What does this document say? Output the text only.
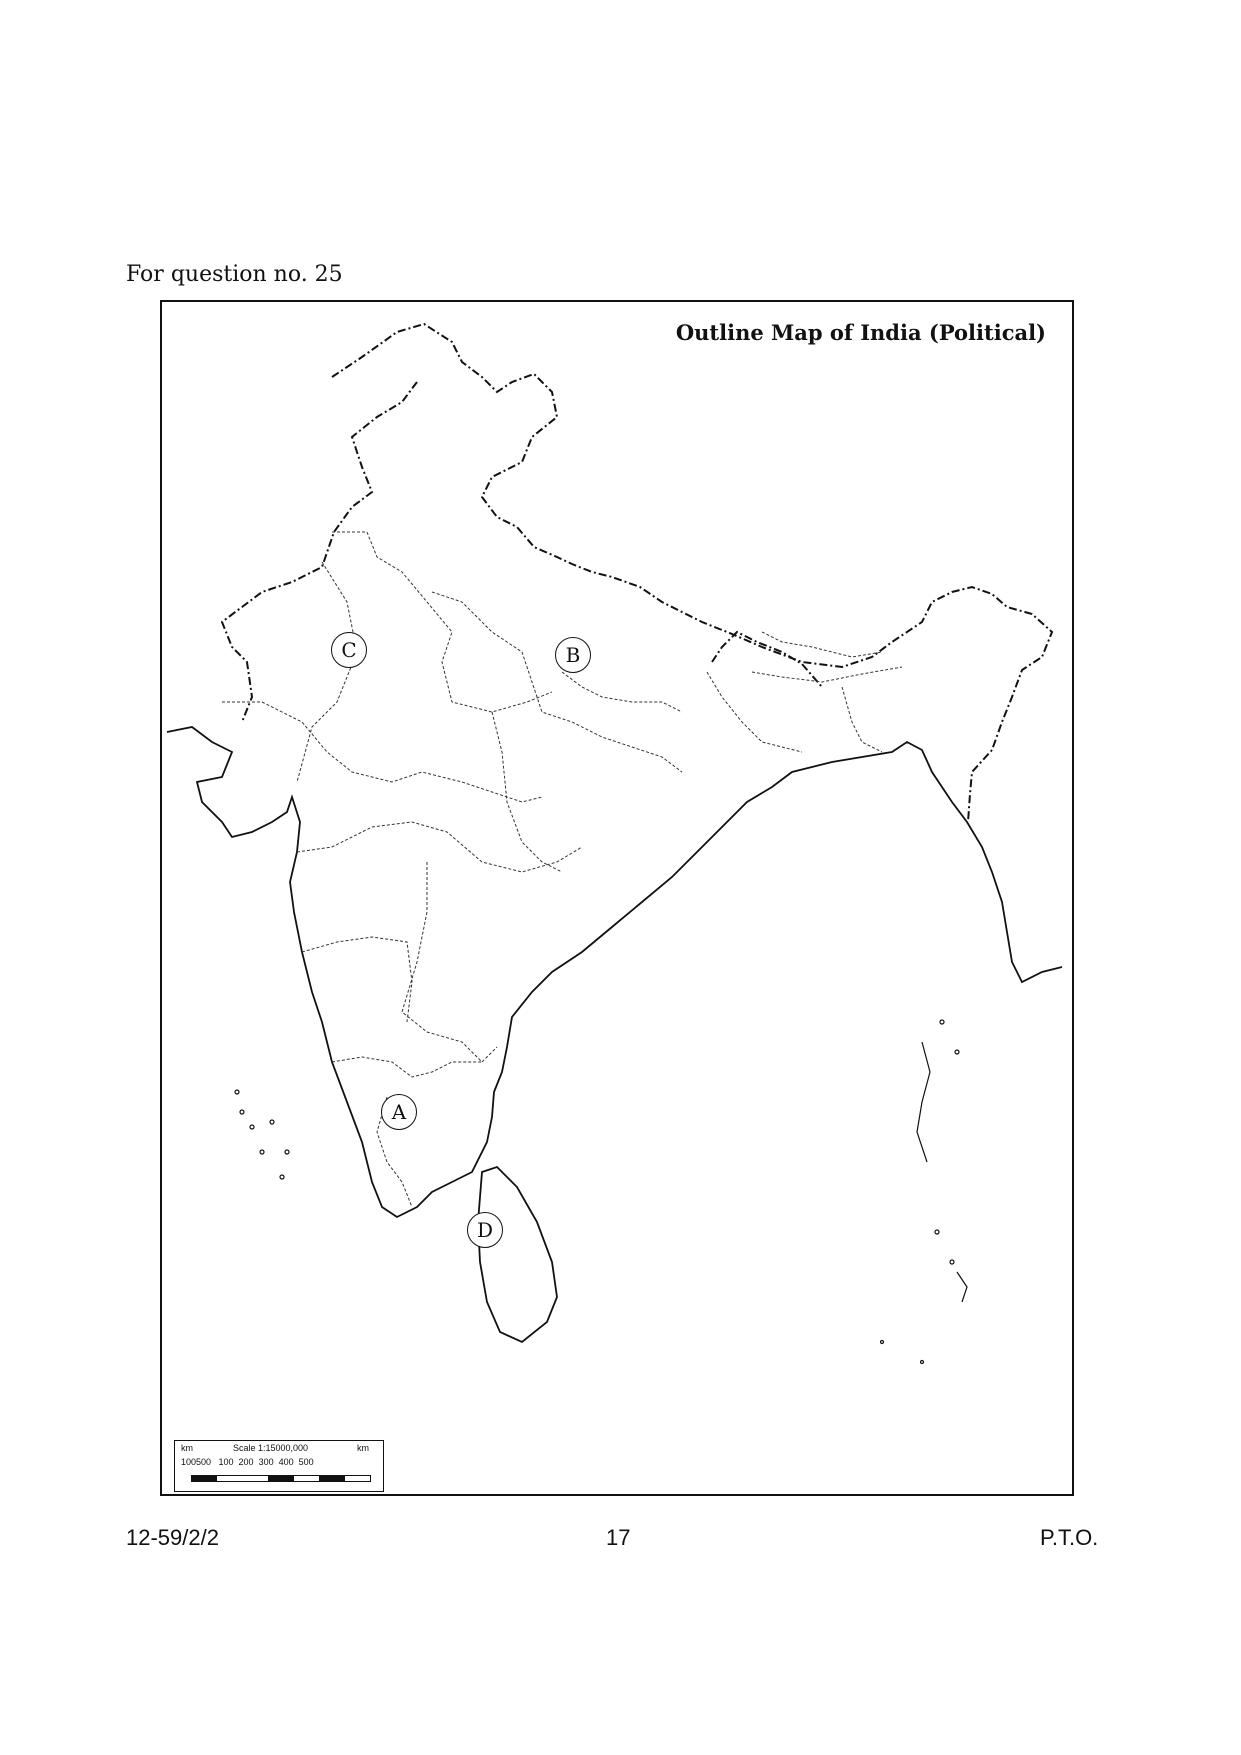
For question no. 25
Outline Map of India (Political)
C	B
A
D
km	Scale 1:15000,000	km
100500   100  200  300  400  500
12-59/2/2	17	P.T.O.
